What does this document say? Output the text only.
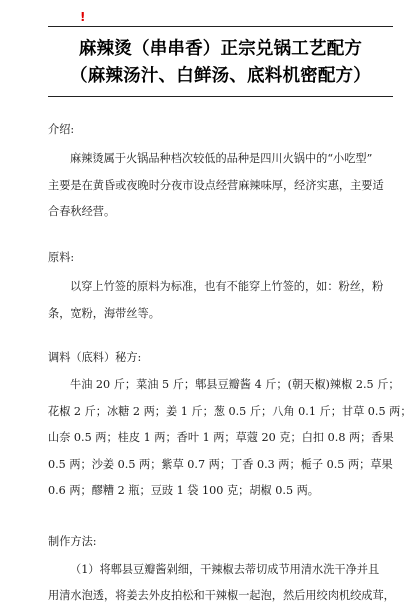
!
麻辣烫（串串香）正宗兑锅工艺配方
（麻辣汤汁、白鲜汤、底料机密配方）
介绍:
麻辣烫属于火锅品种档次较低的品种是四川火锅中的“小吃型”
主要是在黄昏或夜晚时分夜市设点经营麻辣味厚，经济实惠，主要适
合春秋经营。
原料:
以穿上竹签的原料为标准，也有不能穿上竹签的，如：粉丝，粉
条，宽粉，海带丝等。
调料（底料）秘方:
牛油 20 斤；菜油 5 斤；郫县豆瓣酱 4 斤；(朝天椒)辣椒 2.5 斤；
花椒 2 斤；冰糖 2 两；姜 1 斤；葱 0.5 斤；八角 0.1 斤；甘草 0.5 两；
山奈 0.5 两；桂皮 1 两；香叶 1 两；草蔻 20 克；白扣 0.8 两；香果
0.5 两；沙姜 0.5 两；紫草 0.7 两；丁香 0.3 两；栀子 0.5 两；草果
0.6 两；醪糟 2 瓶；豆豉 1 袋 100 克；胡椒 0.5 两。
制作方法:
（1）将郫县豆瓣酱剁细，干辣椒去蒂切成节用清水洗干净并且
用清水泡透，将姜去外皮拍松和干辣椒一起泡，然后用绞肉机绞成茸，
